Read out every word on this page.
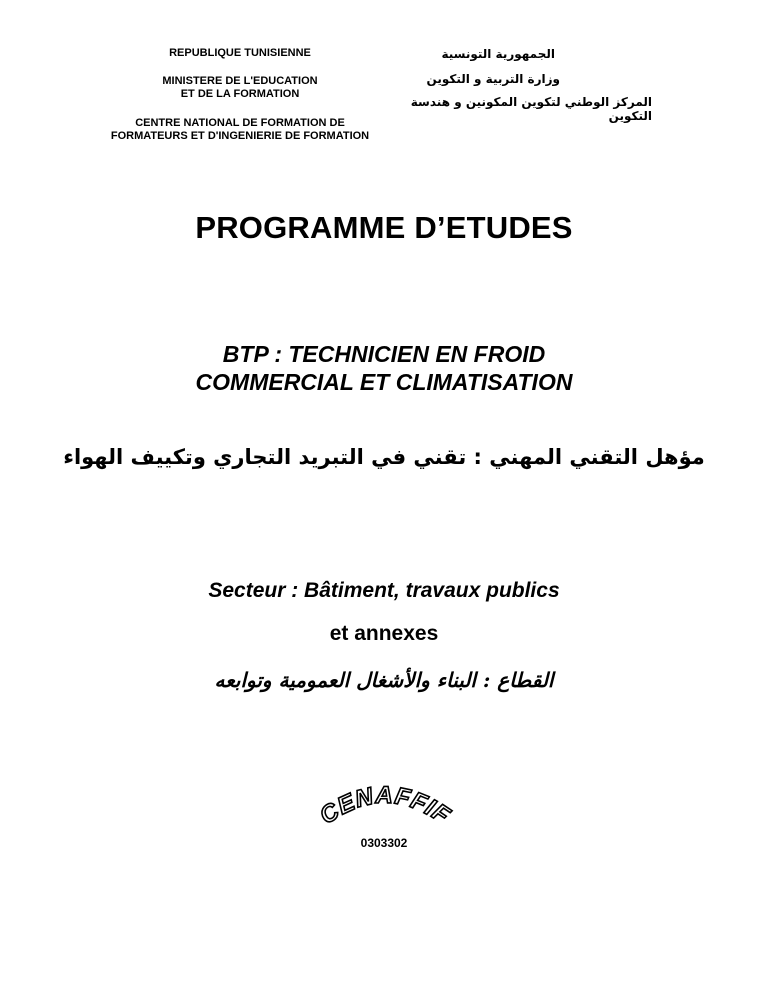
REPUBLIQUE TUNISIENNE
MINISTERE DE L'EDUCATION
ET DE LA FORMATION
CENTRE NATIONAL DE FORMATION DE
FORMATEURS ET D'INGENIERIE DE FORMATION
الجمهورية التونسية
وزارة التربية و التكوين
المركز الوطني لتكوين المكونين و هندسة التكوين
PROGRAMME D’ETUDES
BTP : TECHNICIEN EN FROID
COMMERCIAL ET CLIMATISATION
مؤهل التقني المهني : تقني في التبريد التجاري وتكييف الهواء
Secteur : Bâtiment, travaux publics
et annexes
القطاع : البناء والأشغال العمومية وتوابعه
CENAFFIF
0303302
